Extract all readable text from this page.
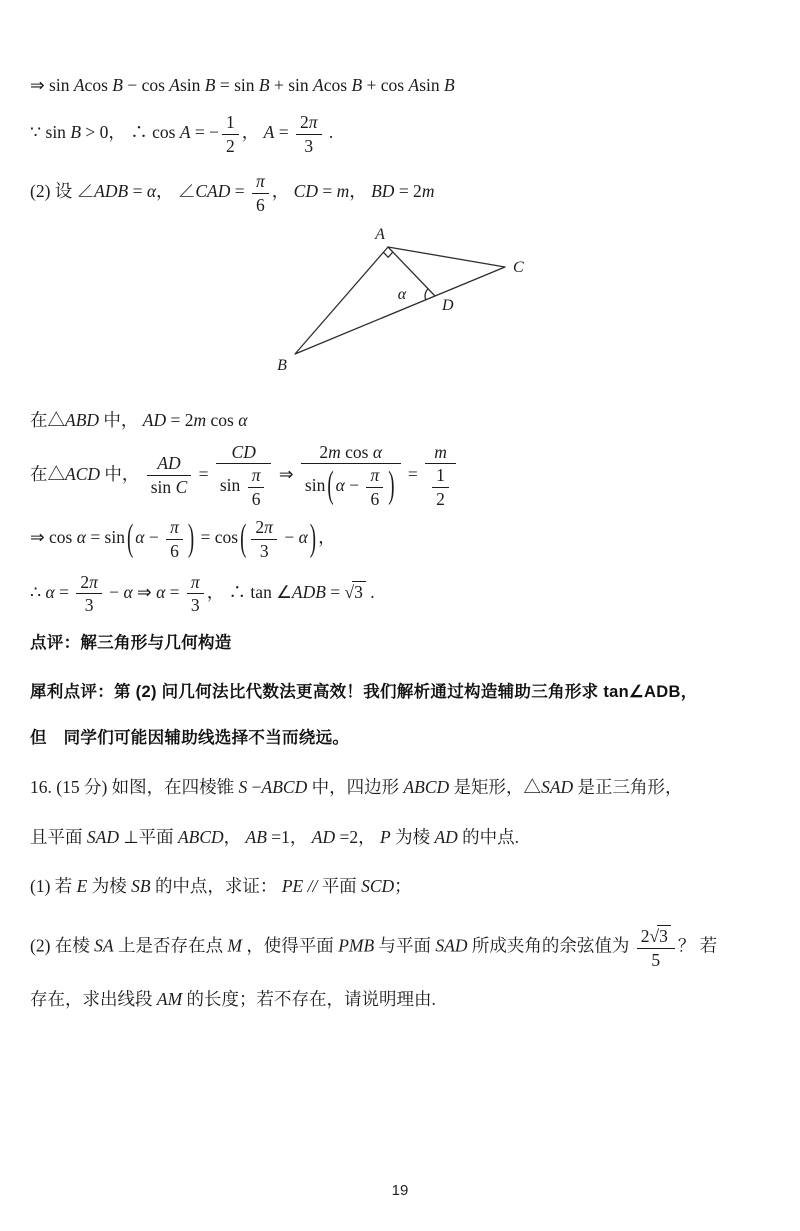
⇒ sin Acos B − cos Asin B = sin B + sin Acos B + cos Asin B
∵ sin B > 0， ∴ cos A = − $\frac{1}{2}$ ， $A = \frac{2\pi}{3}$ .
(2) 设 ∠ADB = α， ∠CAD = $\frac{\pi}{6}$ ， CD = m， BD = 2m
A
B
C
D
α
在△ABD 中， AD = 2m cos α
在△ACD 中， $\frac{AD}{\text{sin C}} = \frac{CD}{\sin \frac{\pi}{6}}$ ⇒ $\frac{\text{2m cos α}}{\sin ( \alpha - \frac{\pi}{6} )} = \frac{m}{\frac{1}{2}}$
⇒ cos α = sin ( $\alpha - \frac{\pi}{6}$ ) = cos ( $\frac{2\pi}{3} - \alpha$ ) ，
∴ $\alpha = \frac{2\pi}{3} - \alpha$ ⇒ $\alpha = \frac{\pi}{3}$ ， ∴ tan ∠ADB = √3 .
点评：解三角形与几何构造
犀利点评：第 (2) 问几何法比代数法更高效！我们解析通过构造辅助三角形求 tan∠ADB，
但　同学们可能因辅助线选择不当而绕远。
16. (15 分) 如图，在四棱锥 S −ABCD 中，四边形 ABCD 是矩形，△SAD 是正三角形，
且平面 SAD ⊥平面 ABCD， AB =1， AD =2， P 为棱 AD 的中点.
(1) 若 E 为棱 SB 的中点，求证： PE // 平面 SCD；
(2) 在棱 SA 上是否存在点 M ，使得平面 PMB 与平面 SAD 所成夹角的余弦值为 $\frac{2√3}{5}$ ？ 若
存在，求出线段 AM 的长度；若不存在，请说明理由.
19
